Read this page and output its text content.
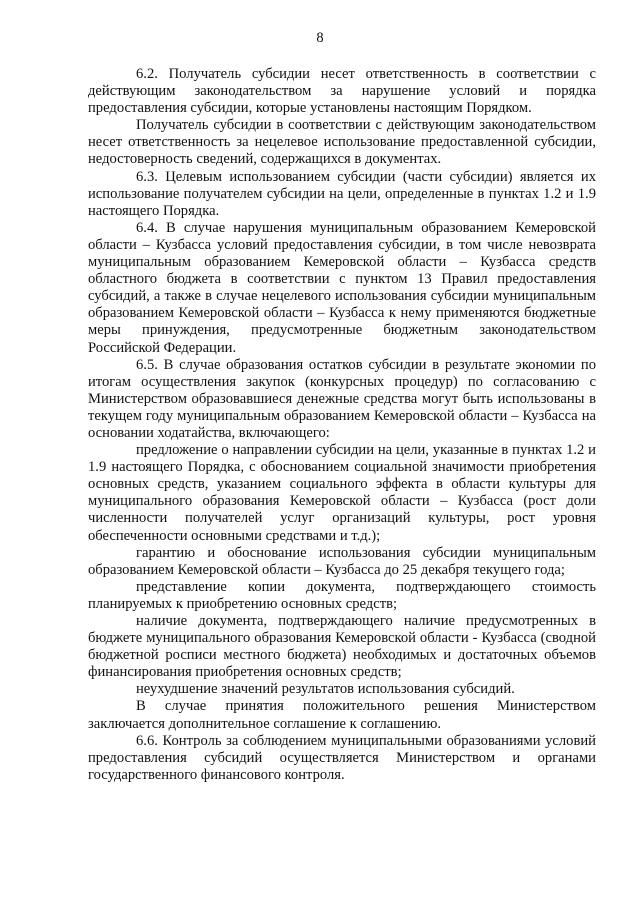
8

6.2. Получатель субсидии несет ответственность в соответствии с действующим законодательством за нарушение условий и порядка предоставления субсидии, которые установлены настоящим Порядком.

Получатель субсидии в соответствии с действующим законодательством несет ответственность за нецелевое использование предоставленной субсидии, недостоверность сведений, содержащихся в документах.

6.3. Целевым использованием субсидии (части субсидии) является их использование получателем субсидии на цели, определенные в пунктах 1.2 и 1.9 настоящего Порядка.

6.4. В случае нарушения муниципальным образованием Кемеровской области – Кузбасса условий предоставления субсидии, в том числе невозврата муниципальным образованием Кемеровской области – Кузбасса средств областного бюджета в соответствии с пунктом 13 Правил предоставления субсидий, а также в случае нецелевого использования субсидии муниципальным образованием Кемеровской области – Кузбасса к нему применяются бюджетные меры принуждения, предусмотренные бюджетным законодательством Российской Федерации.

6.5. В случае образования остатков субсидии в результате экономии по итогам осуществления закупок (конкурсных процедур) по согласованию с Министерством образовавшиеся денежные средства могут быть использованы в текущем году муниципальным образованием Кемеровской области – Кузбасса на основании ходатайства, включающего:

предложение о направлении субсидии на цели, указанные в пунктах 1.2 и 1.9 настоящего Порядка, с обоснованием социальной значимости приобретения основных средств, указанием социального эффекта в области культуры для муниципального образования Кемеровской области – Кузбасса (рост доли численности получателей услуг организаций культуры, рост уровня обеспеченности основными средствами и т.д.);

гарантию и обоснование использования субсидии муниципальным образованием Кемеровской области – Кузбасса до 25 декабря текущего года;

представление копии документа, подтверждающего стоимость планируемых к приобретению основных средств;

наличие документа, подтверждающего наличие предусмотренных в бюджете муниципального образования Кемеровской области - Кузбасса (сводной бюджетной росписи местного бюджета) необходимых и достаточных объемов финансирования приобретения основных средств;

неухудшение значений результатов использования субсидий.

В случае принятия положительного решения Министерством заключается дополнительное соглашение к соглашению.

6.6. Контроль за соблюдением муниципальными образованиями условий предоставления субсидий осуществляется Министерством и органами государственного финансового контроля.
